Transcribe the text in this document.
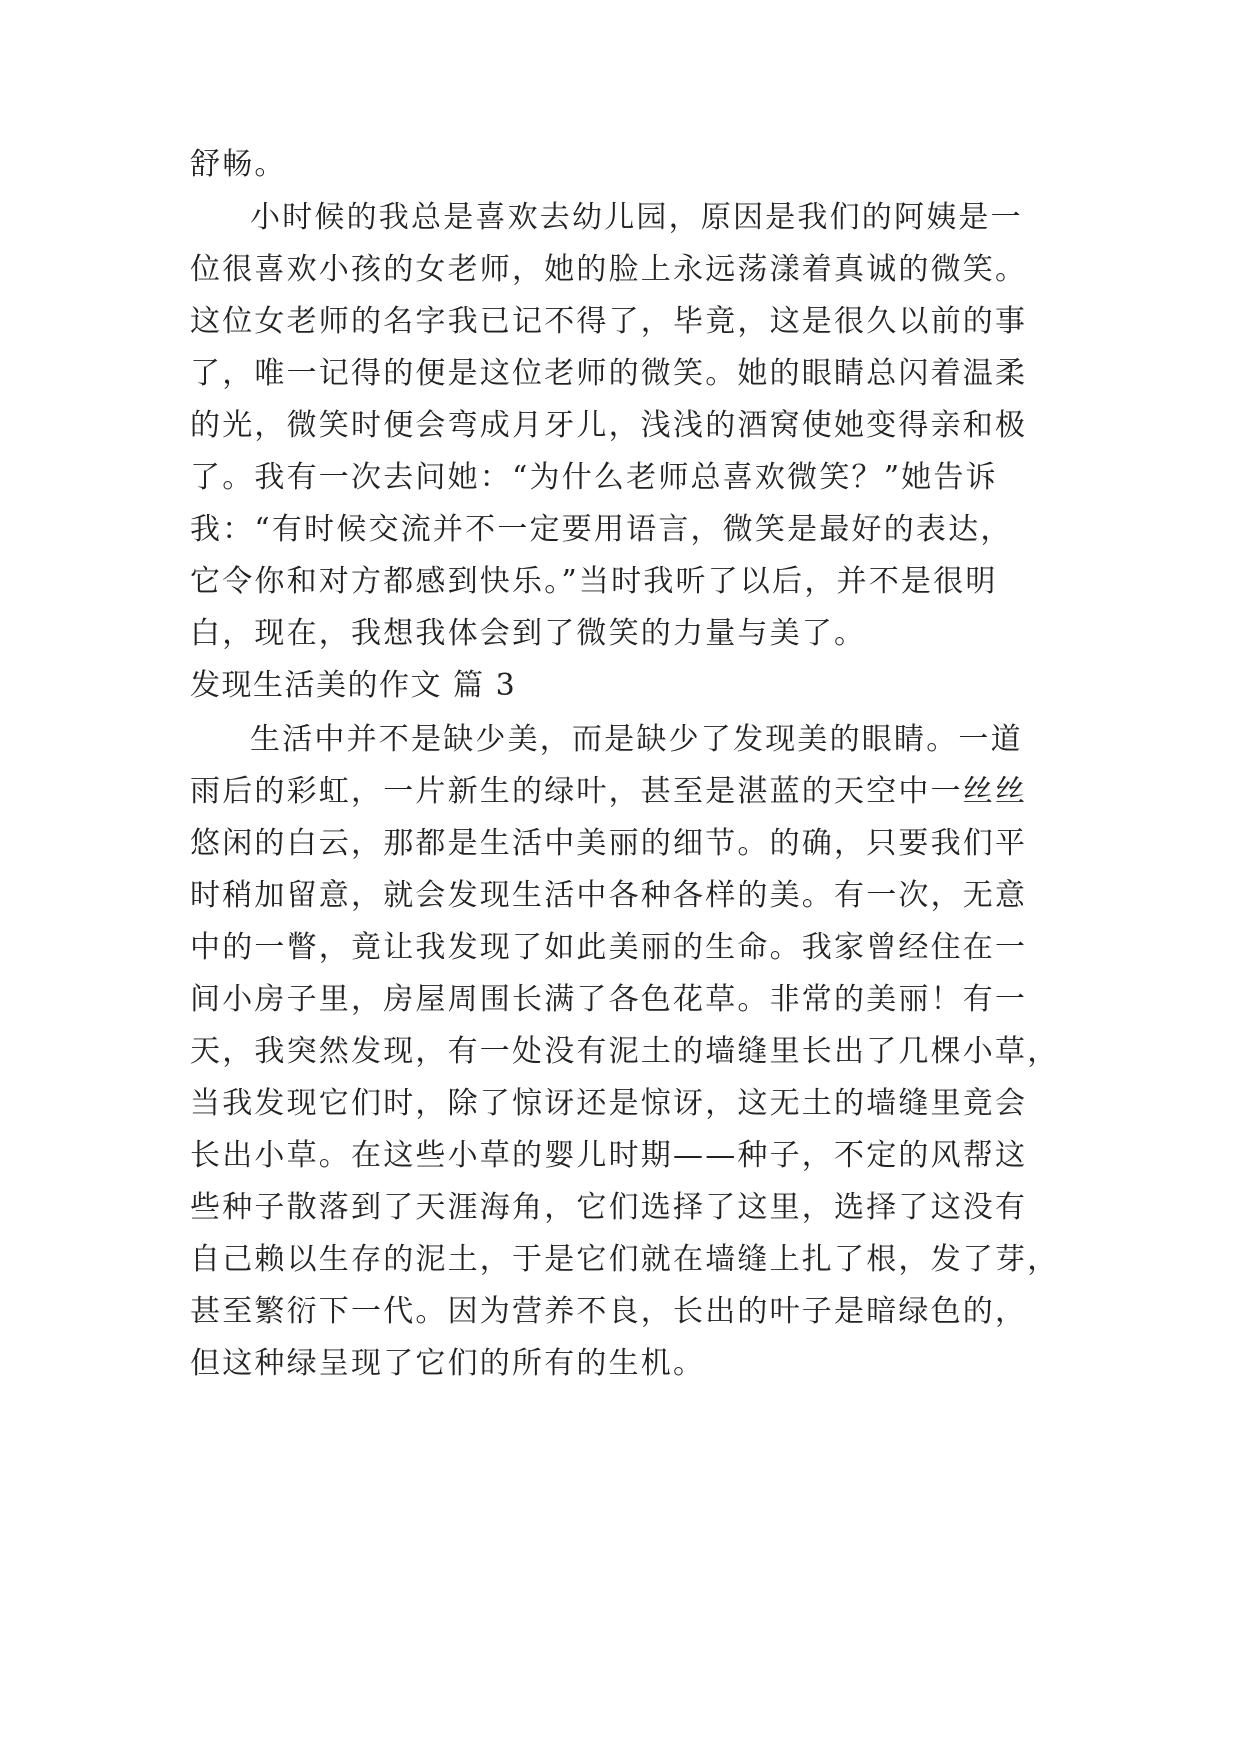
舒畅。
小时候的我总是喜欢去幼儿园，原因是我们的阿姨是一
位很喜欢小孩的女老师，她的脸上永远荡漾着真诚的微笑。
这位女老师的名字我已记不得了，毕竟，这是很久以前的事
了，唯一记得的便是这位老师的微笑。她的眼睛总闪着温柔
的光，微笑时便会弯成月牙儿，浅浅的酒窝使她变得亲和极
了。我有一次去问她：“为什么老师总喜欢微笑？”她告诉
我：“有时候交流并不一定要用语言，微笑是最好的表达，
它令你和对方都感到快乐。”当时我听了以后，并不是很明
白，现在，我想我体会到了微笑的力量与美了。
发现生活美的作文 篇 3
生活中并不是缺少美，而是缺少了发现美的眼睛。一道
雨后的彩虹，一片新生的绿叶，甚至是湛蓝的天空中一丝丝
悠闲的白云，那都是生活中美丽的细节。的确，只要我们平
时稍加留意，就会发现生活中各种各样的美。有一次，无意
中的一瞥，竟让我发现了如此美丽的生命。我家曾经住在一
间小房子里，房屋周围长满了各色花草。非常的美丽！有一
天，我突然发现，有一处没有泥土的墙缝里长出了几棵小草，
当我发现它们时，除了惊讶还是惊讶，这无土的墙缝里竟会
长出小草。在这些小草的婴儿时期——种子，不定的风帮这
些种子散落到了天涯海角，它们选择了这里，选择了这没有
自己赖以生存的泥土，于是它们就在墙缝上扎了根，发了芽，
甚至繁衍下一代。因为营养不良，长出的叶子是暗绿色的，
但这种绿呈现了它们的所有的生机。
